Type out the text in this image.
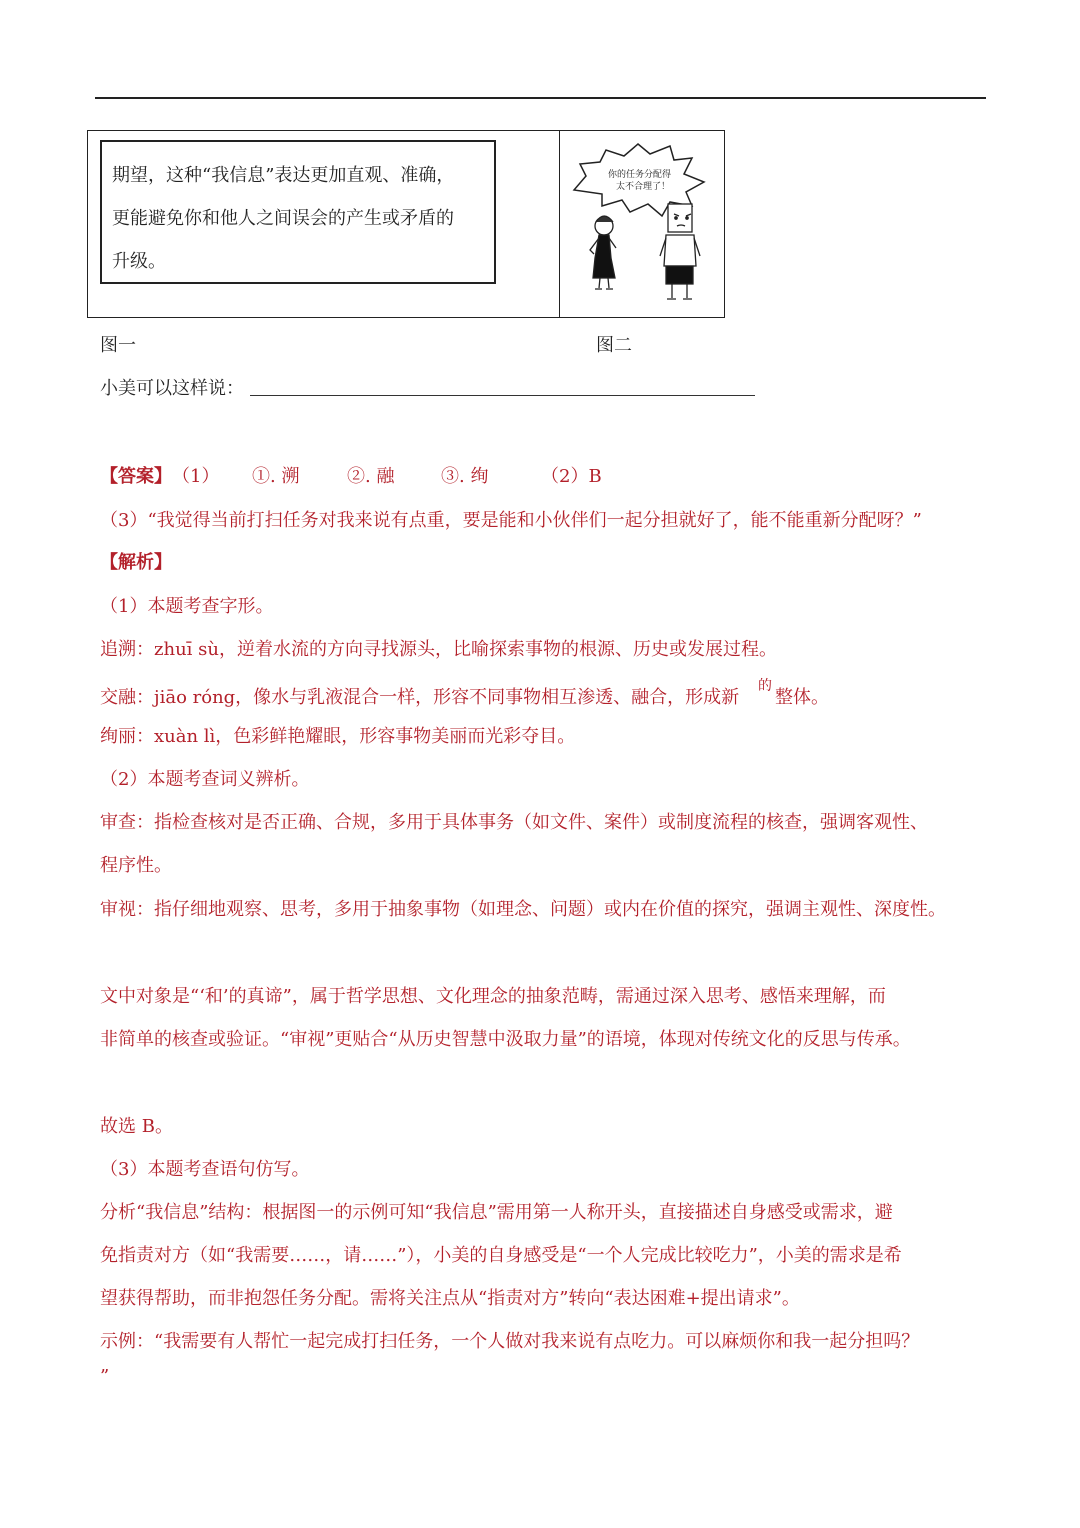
期望，这种“我信息”表达更加直观、准确，
更能避免你和他人之间误会的产生或矛盾的
升级。
你的任务分配得
太不合理了！
图一	图二
小美可以这样说：
【答案】 （1） ①. 溯	②. 融	③. 绚	（2）B
（3）“我觉得当前打扫任务对我来说有点重，要是能和小伙伴们一起分担就好了，能不能重新分配呀？”
【解析】
（1）本题考查字形。
追溯：zhuī sù，逆着水流的方向寻找源头，比喻探索事物的根源、历史或发展过程。
交融：jiāo róng，像水与乳液混合一样，形容不同事物相互渗透、融合，形成新
的
整体。
绚丽：xuàn lì，色彩鲜艳耀眼，形容事物美丽而光彩夺目。
（2）本题考查词义辨析。
审查：指检查核对是否正确、合规，多用于具体事务（如文件、案件）或制度流程的核查，强调客观性、
程序性。
审视：指仔细地观察、思考，多用于抽象事物（如理念、问题）或内在价值的探究，强调主观性、深度性。
文中对象是“‘和’的真谛”，属于哲学思想、文化理念的抽象范畴，需通过深入思考、感悟来理解，而
非简单的核查或验证。“审视”更贴合“从历史智慧中汲取力量”的语境，体现对传统文化的反思与传承。
故选 B。
（3）本题考查语句仿写。
分析“我信息”结构：根据图一的示例可知“我信息”需用第一人称开头，直接描述自身感受或需求，避
免指责对方（如“我需要……，请……”），小美的自身感受是“一个人完成比较吃力”，小美的需求是希
望获得帮助，而非抱怨任务分配。需将关注点从“指责对方”转向“表达困难+提出请求”。
示例：“我需要有人帮忙一起完成打扫任务，一个人做对我来说有点吃力。可以麻烦你和我一起分担吗？
”
